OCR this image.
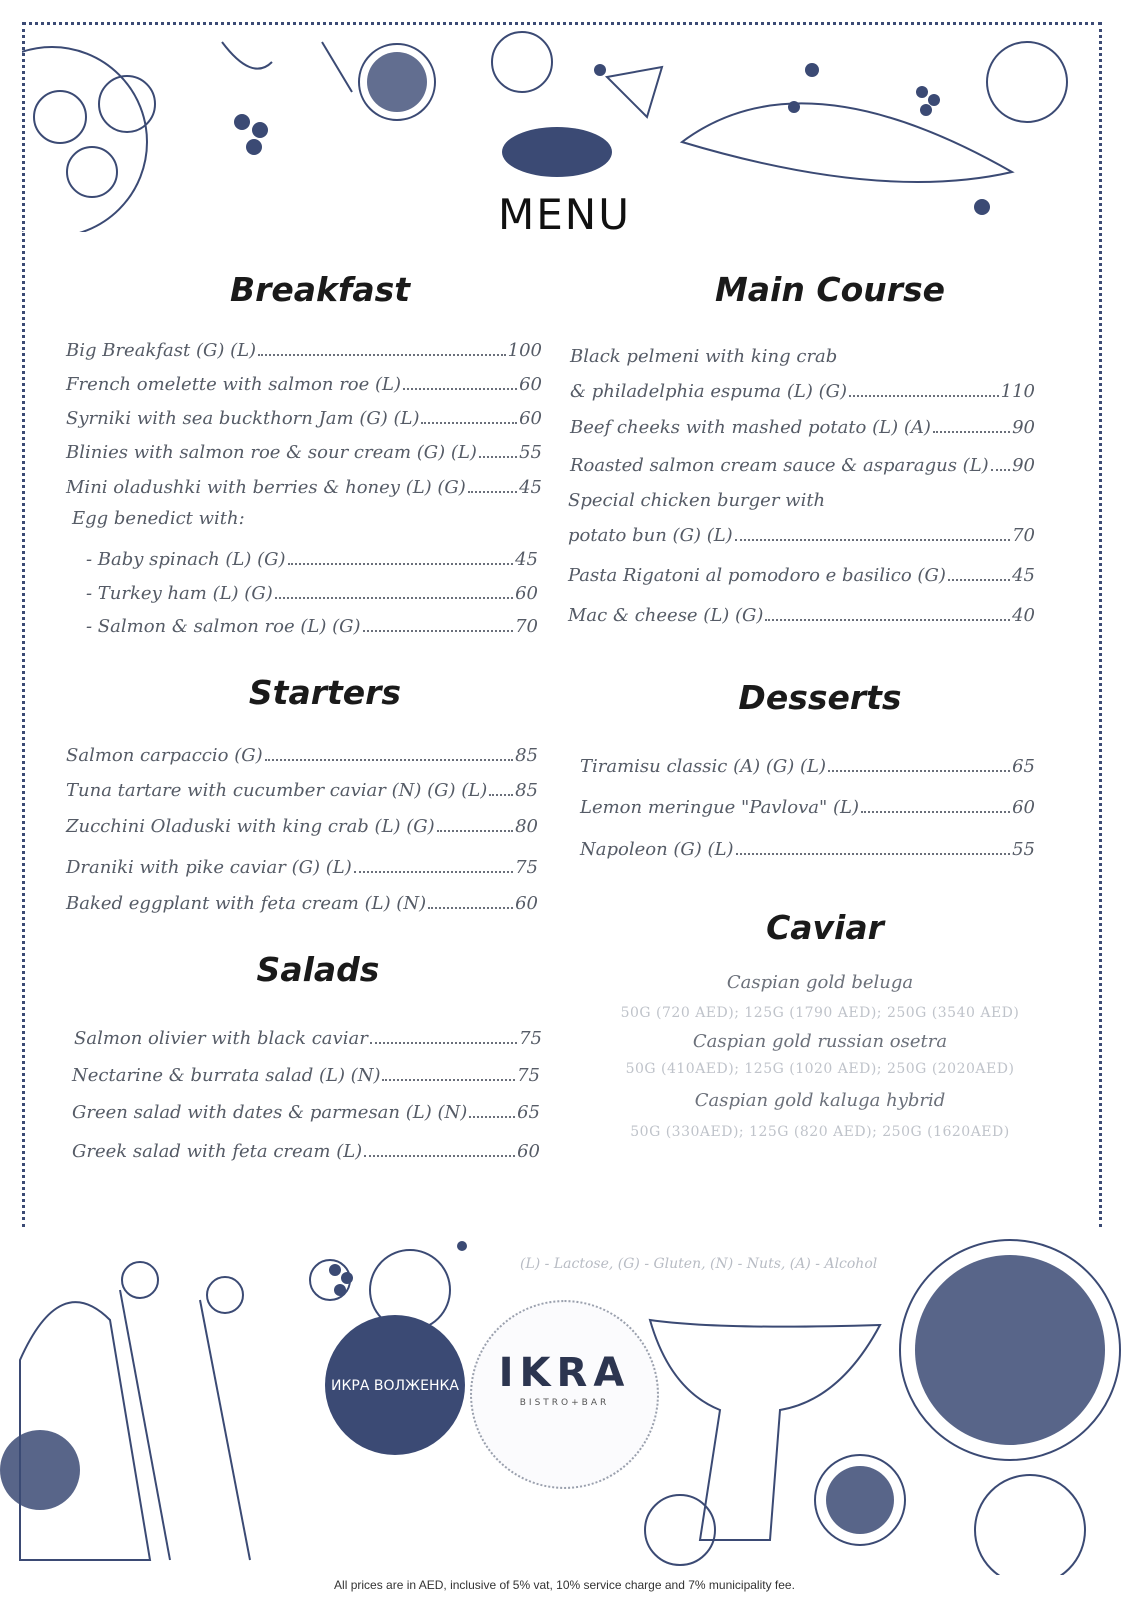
MENU
Breakfast
Big Breakfast (G) (L)	100
French omelette with salmon roe (L)	60
Syrniki with sea buckthorn Jam (G) (L)	60
Blinies with salmon roe & sour cream (G) (L) 55
Mini oladushki with berries & honey (L) (G)	45
Egg benedict with:
- Baby spinach (L) (G)	45
- Turkey ham (L) (G)	60
- Salmon & salmon roe (L) (G)	70
Main Course
Black pelmeni with king crab
& philadelphia espuma (L) (G)	110
Beef cheeks with mashed potato (L) (A)	90
Roasted salmon cream sauce & asparagus (L) 90
Special chicken burger with
potato bun (G) (L)	70
Pasta Rigatoni al pomodoro e basilico (G)	45
Mac & cheese (L) (G)	40
Starters
Salmon carpaccio (G)	85
Tuna tartare with cucumber caviar (N) (G) (L) 85
Zucchini Oladuski with king crab (L) (G)	80
Draniki with pike caviar (G) (L)	75
Baked eggplant with feta cream (L) (N)	60
Desserts
Tiramisu classic (A) (G) (L)	65
Lemon meringue "Pavlova" (L)	60
Napoleon (G) (L)	55
Salads
Salmon olivier with black caviar	75
Nectarine & burrata salad (L) (N)	75
Green salad with dates & parmesan (L) (N)	65
Greek salad with feta cream (L)	60
Caviar
Caspian gold beluga
50G (720 AED); 125G (1790 AED); 250G (3540 AED)
Caspian gold russian osetra
50G (410AED); 125G (1020 AED); 250G (2020AED)
Caspian gold kaluga hybrid
50G (330AED); 125G (820 AED); 250G (1620AED)
ИКРА ВОЛЖЕНКА IKRA
BISTRO+BAR
(L) - Lactose, (G) - Gluten, (N) - Nuts, (A) - Alcohol
All prices are in AED, inclusive of 5% vat, 10% service charge and 7% municipality fee.
